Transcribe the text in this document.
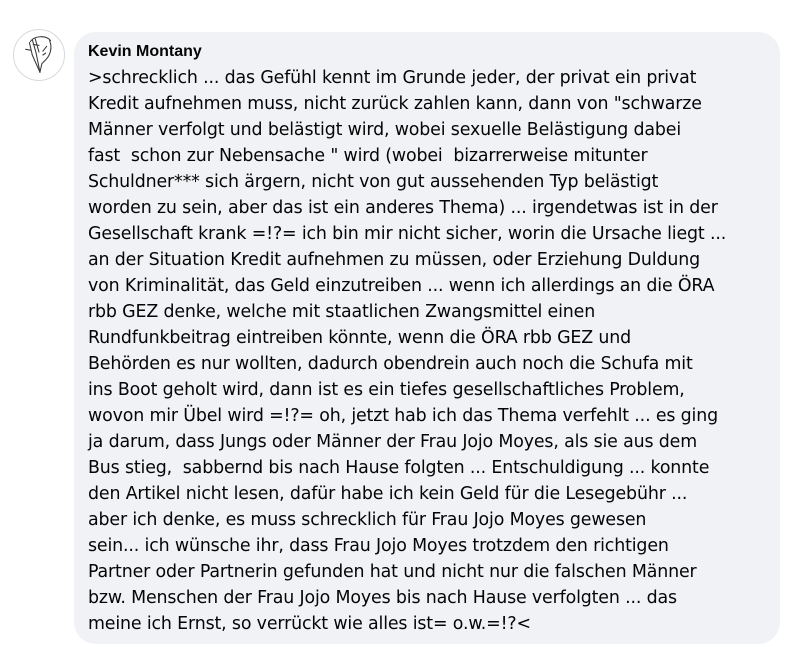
Kevin Montany

>schrecklich ... das Gefühl kennt im Grunde jeder, der privat ein privat
Kredit aufnehmen muss, nicht zurück zahlen kann, dann von "schwarze
Männer verfolgt und belästigt wird, wobei sexuelle Belästigung dabei
fast  schon zur Nebensache " wird (wobei  bizarrerweise mitunter
Schuldner*** sich ärgern, nicht von gut aussehenden Typ belästigt
worden zu sein, aber das ist ein anderes Thema) ... irgendetwas ist in der
Gesellschaft krank =!?= ich bin mir nicht sicher, worin die Ursache liegt ...
an der Situation Kredit aufnehmen zu müssen, oder Erziehung Duldung
von Kriminalität, das Geld einzutreiben ... wenn ich allerdings an die ÖRA
rbb GEZ denke, welche mit staatlichen Zwangsmittel einen
Rundfunkbeitrag eintreiben könnte, wenn die ÖRA rbb GEZ und
Behörden es nur wollten, dadurch obendrein auch noch die Schufa mit
ins Boot geholt wird, dann ist es ein tiefes gesellschaftliches Problem,
wovon mir Übel wird =!?= oh, jetzt hab ich das Thema verfehlt ... es ging
ja darum, dass Jungs oder Männer der Frau Jojo Moyes, als sie aus dem
Bus stieg,  sabbernd bis nach Hause folgten ... Entschuldigung ... konnte
den Artikel nicht lesen, dafür habe ich kein Geld für die Lesegebühr ...
aber ich denke, es muss schrecklich für Frau Jojo Moyes gewesen
sein... ich wünsche ihr, dass Frau Jojo Moyes trotzdem den richtigen
Partner oder Partnerin gefunden hat und nicht nur die falschen Männer
bzw. Menschen der Frau Jojo Moyes bis nach Hause verfolgten ... das
meine ich Ernst, so verrückt wie alles ist= o.w.=!?<
